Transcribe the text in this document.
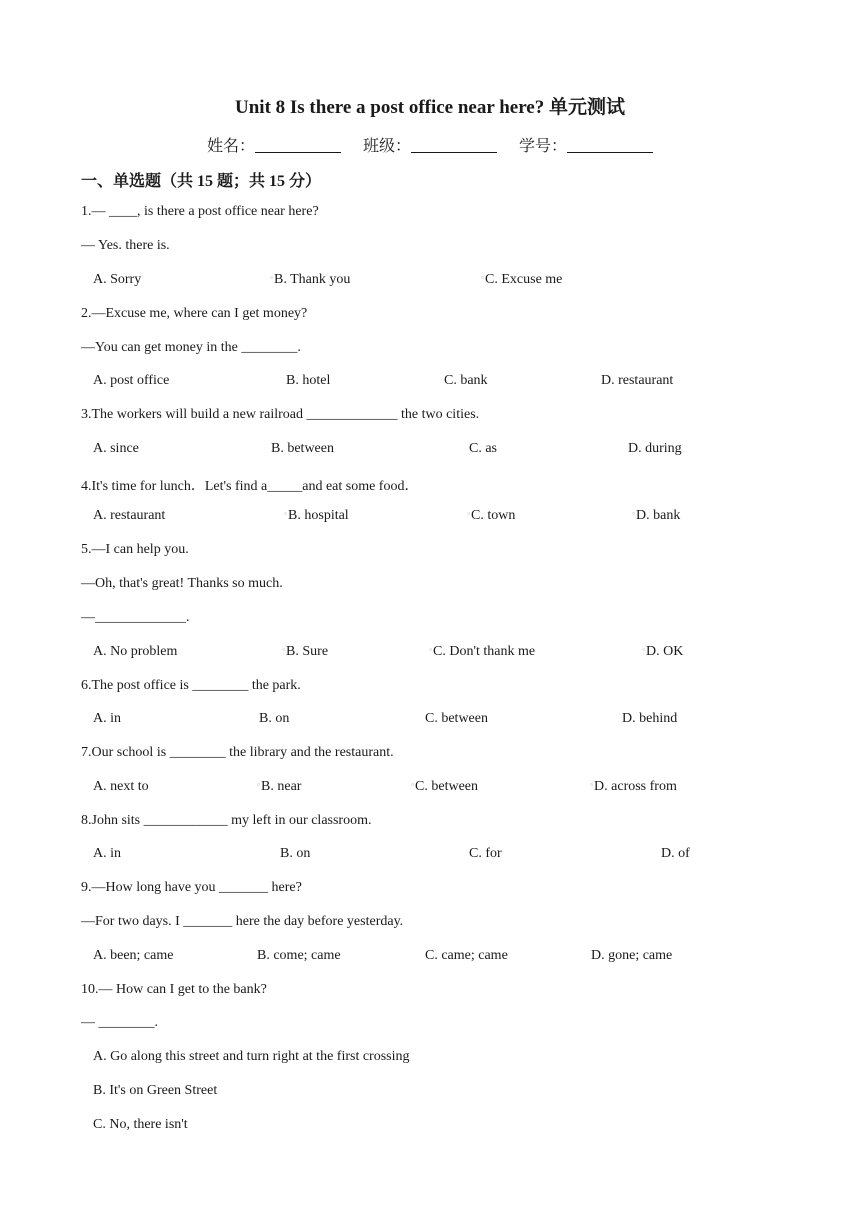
Unit 8 Is there a post office near here? 单元测试
姓名：	班级：	学号：
一、单选题（共 15 题；共 15 分）
1.— ____, is there a post office near here?
— Yes. there is.
A. Sorry	○B. Thank you	○C. Excuse me
2.—Excuse me, where can I get money?
—You can get money in the ________.
A. post office	B. hotel	C. bank	D. restaurant
3.The workers will build a new railroad _____________ the two cities.
A. since	B. between	C. as	D. during
4.It's time for lunch．Let's find a_____and eat some food．
A. restaurant	○B. hospital	○C. town	○D. bank
5.—I can help you.
—Oh, that's great! Thanks so much.
—_____________.
A. No problem	○B. Sure	○C. Don't thank me	○D. OK
6.The post office is ________ the park.
A. in	B. on	C. between	D. behind
7.Our school is ________ the library and the restaurant.
A. next to	○B. near	○C. between	○D. across from
8.John sits ____________ my left in our classroom.
A. in	B. on	C. for	D. of
9.—How long have you _______ here?
—For two days. I _______ here the day before yesterday.
A. been; came	B. come; came	C. came; came	D. gone; came
10.— How can I get to the bank?
— ________.
A. Go along this street and turn right at the first crossing
B. It's on Green Street
C. No, there isn't
